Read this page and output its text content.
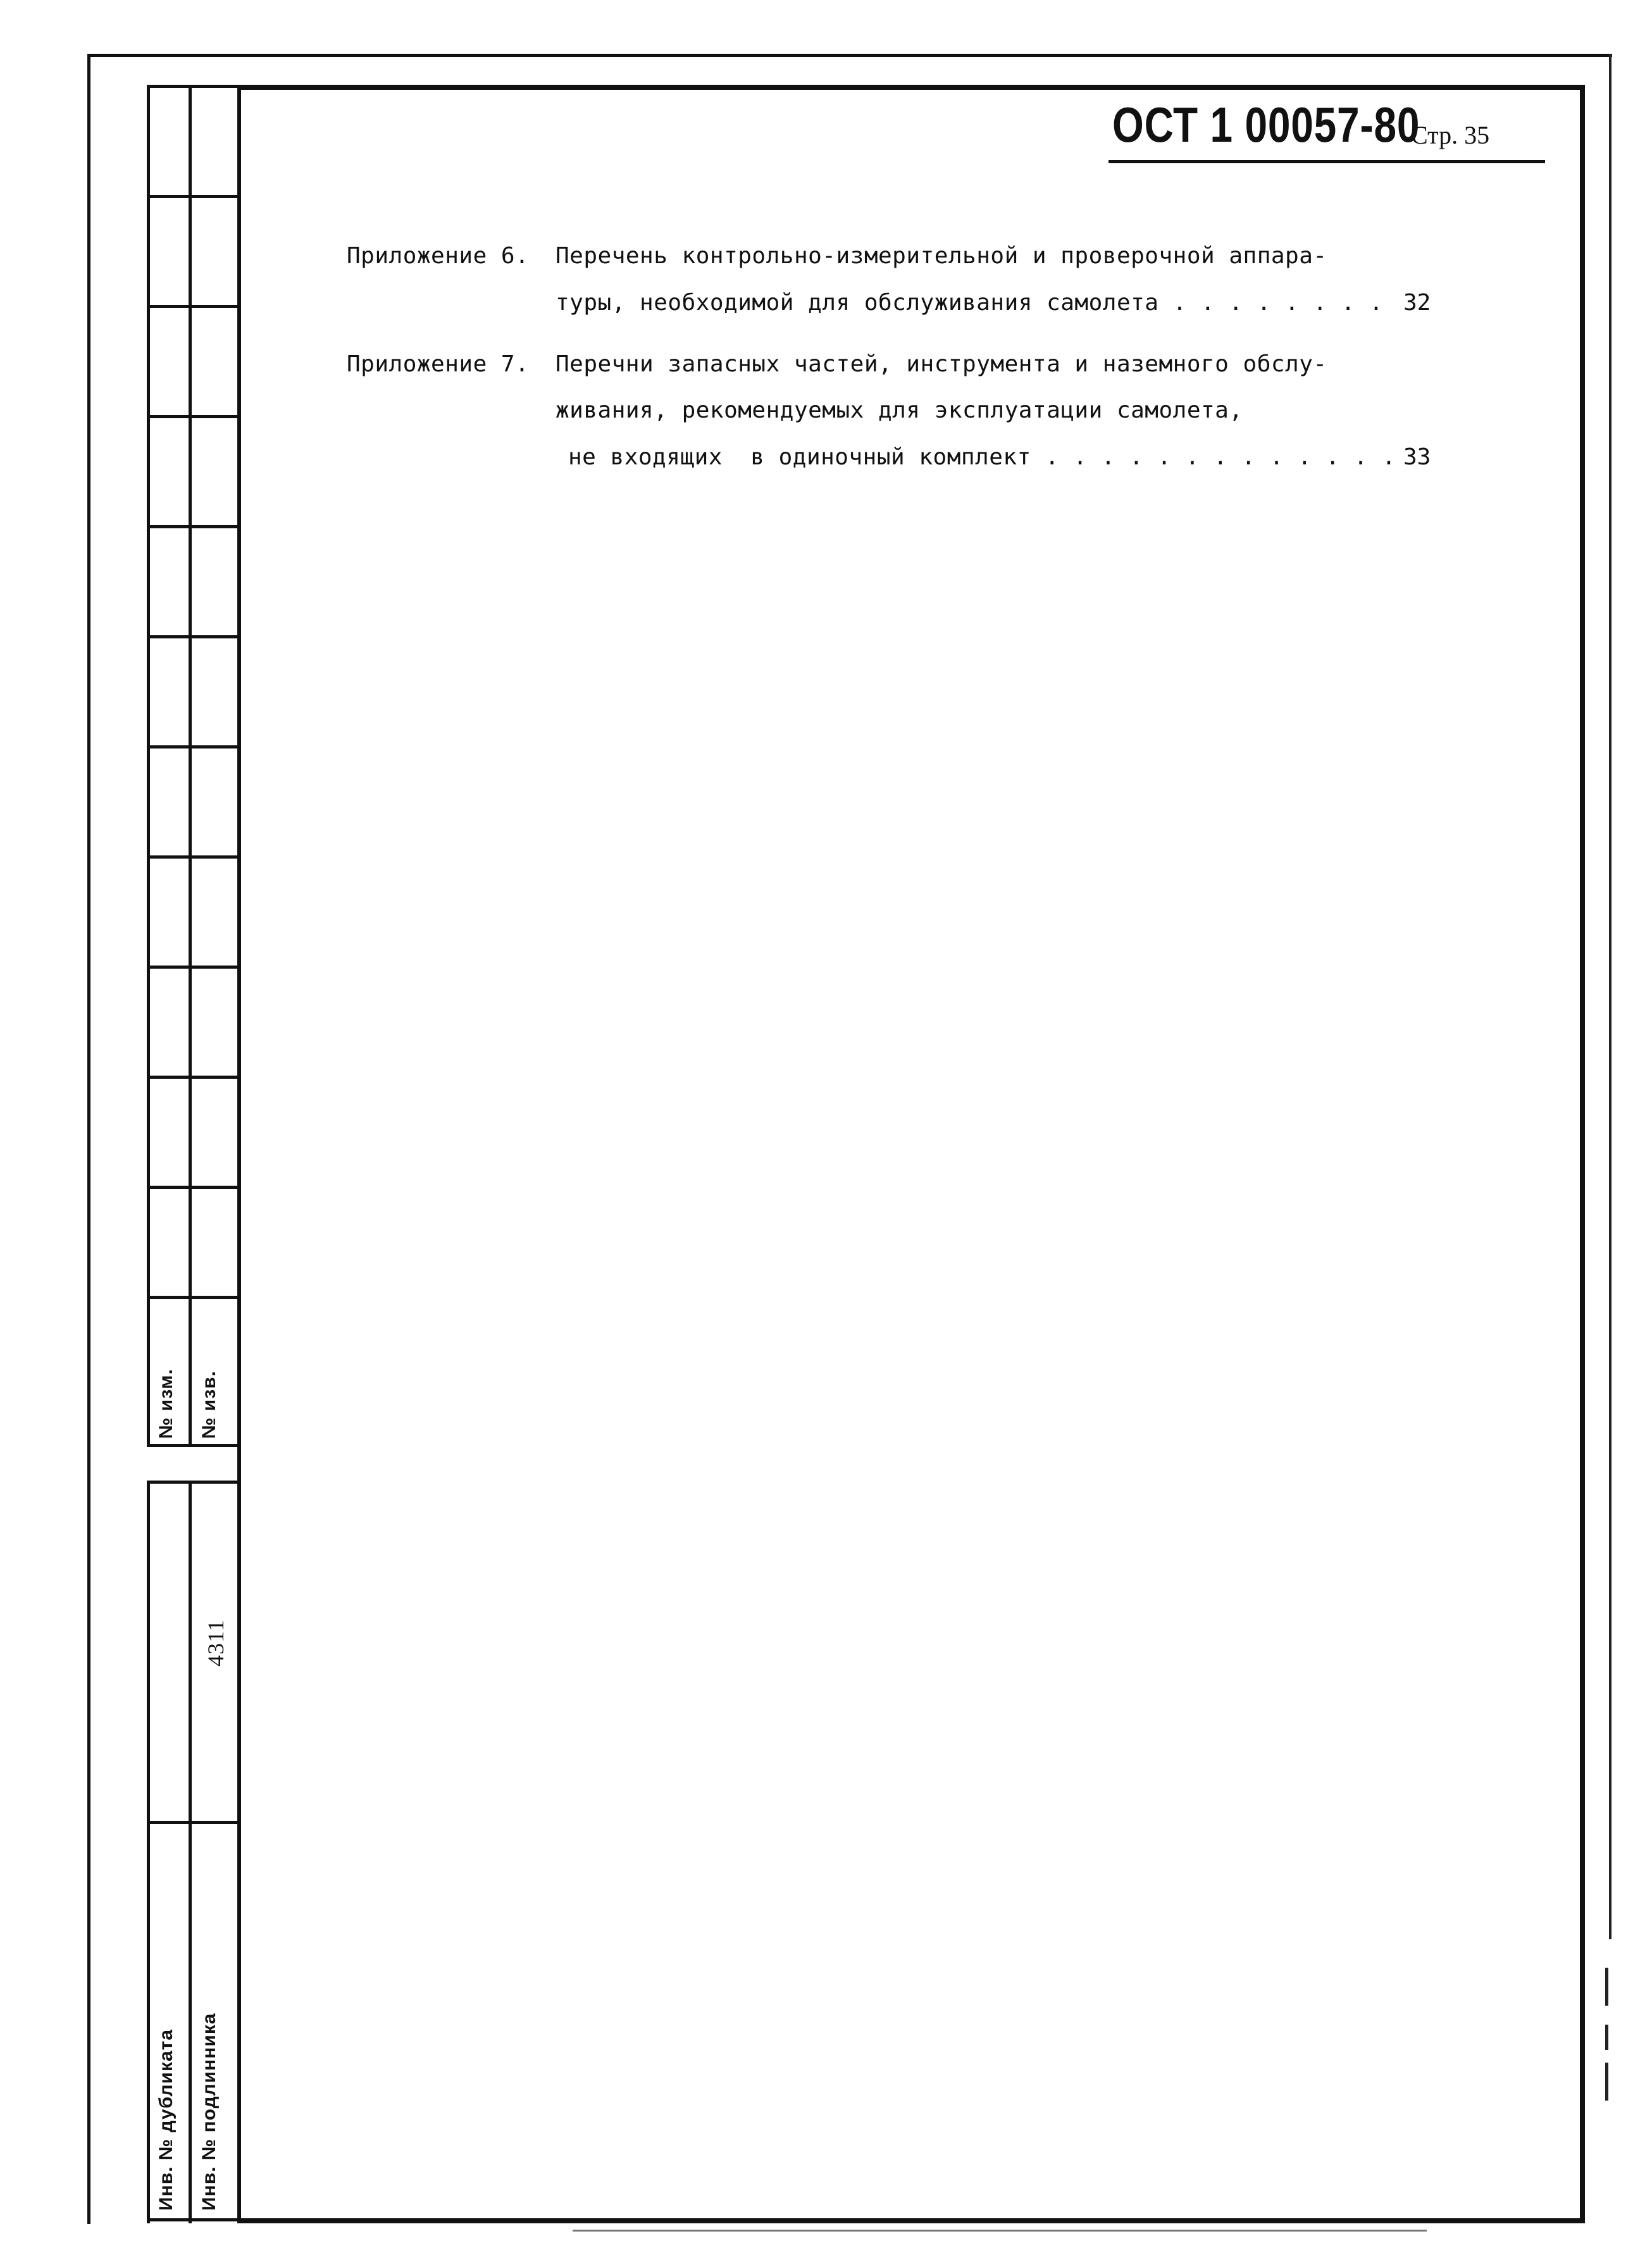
№ изм. № изв.
4311
Инв. № дубликата Инв. № подлинника
ОСТ 1 00057-80
Стр. 35
Приложение 6. Перечень контрольно-измерительной и проверочной аппара-
туры, необходимой для обслуживания самолета . . . . . . . . 32
Приложение 7. Перечни запасных частей, инструмента и наземного обслу-
живания, рекомендуемых для эксплуатации самолета,
не входящих  в одиночный комплект . . . . . . . . . . . . . 33
